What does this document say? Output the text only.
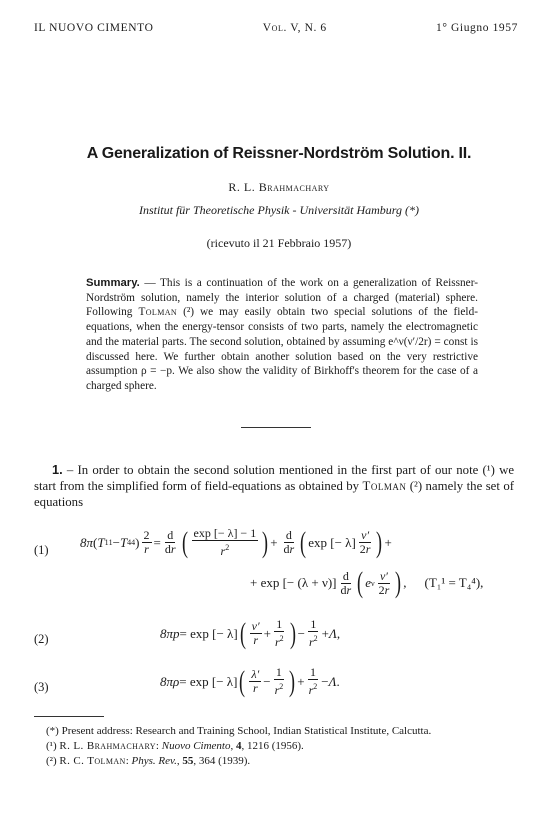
IL NUOVO CIMENTO	Vol. V, N. 6	1° Giugno 1957
A Generalization of Reissner-Nordström Solution. II.
R. L. Brahmachary
Institut für Theoretische Physik - Universität Hamburg (*)
(ricevuto il 21 Febbraio 1957)
Summary. — This is a continuation of the work on a generalization of Reissner-Nordström solution, namely the interior solution of a charged (material) sphere. Following Tolman (²) we may easily obtain two special solutions of the field-equations, when the energy-tensor consists of two parts, namely the electromagnetic and the material parts. The second solution, obtained by assuming e^ν(ν′/2r) = const is discussed here. We further obtain another solution based on the very restrictive assumption ρ = −p. We also show the validity of Birkhoff's theorem for the case of a charged sphere.
1. – In order to obtain the second solution mentioned in the first part of our note (¹) we start from the simplified form of field-equations as obtained by Tolman (²) namely the set of equations
(1)
8π ( T 1 1 − T 4 4 ) $\frac{2}{r} = \frac{d}{dr}$ ( $\frac{\exp [- \lambda] - 1}{r^2}$ ) + $\frac{d}{dr}$ ( exp [− $\lambda] \frac{\nu'}{2r}$ ) +
+ exp [− $(\lambda + \nu)] \frac{d}{dr}$ ( e ν $\frac{\nu'}{2r}$ ) , (T₁¹ = T₄⁴),
(2)	8πp = exp [− λ] ( $\frac{\nu'}{r} + \frac{1}{r^2}$ ) − $\frac{1}{r^2} + \Lambda$ ,
(3)	8πρ = exp [− λ] ( $\frac{\lambda'}{r} - \frac{1}{r^2}$ ) + $\frac{1}{r^2} - \Lambda$ .

(*) Present address: Research and Training School, Indian Statistical Institute, Calcutta.

(¹) R. L. Brahmachary: Nuovo Cimento, 4, 1216 (1956).

(²) R. C. Tolman: Phys. Rev., 55, 364 (1939).
